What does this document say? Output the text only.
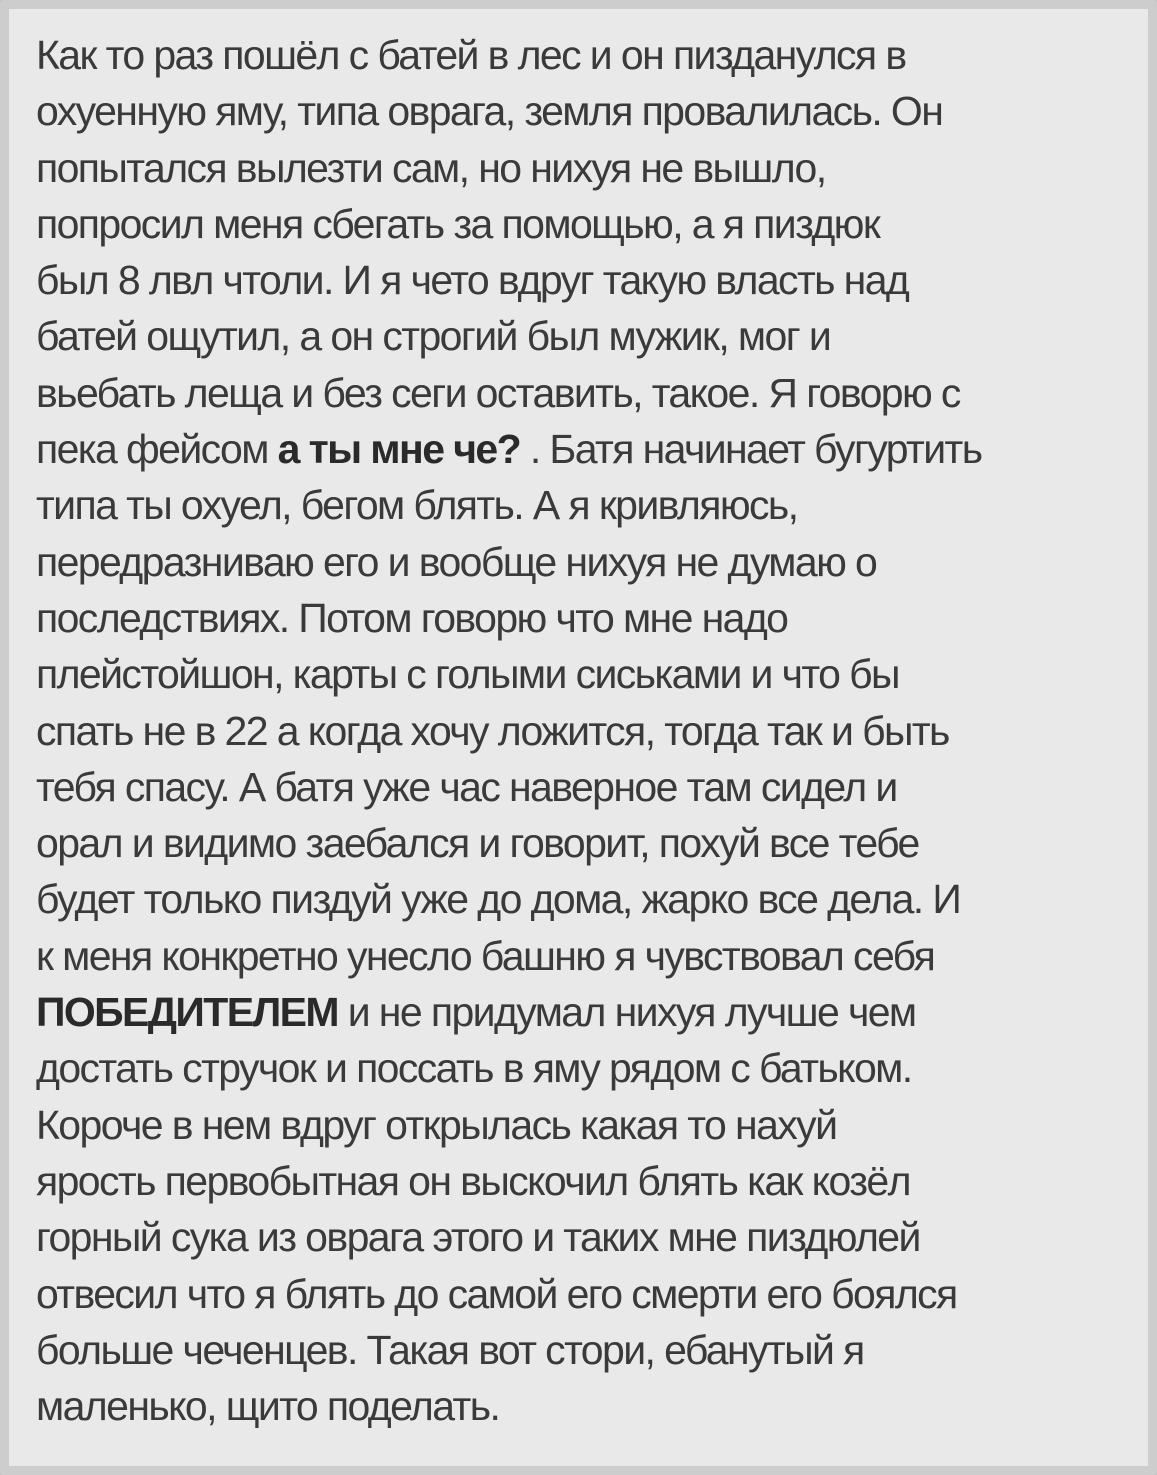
Как то раз пошёл с батей в лес и он пизданулся в
охуенную яму, типа оврага, земля провалилась. Он
попытался вылезти сам, но нихуя не вышло,
попросил меня сбегать за помощью, а я пиздюк
был 8 лвл чтоли. И я чето вдруг такую власть над
батей ощутил, а он строгий был мужик, мог и
вьебать леща и без сеги оставить, такое. Я говорю с
пека фейсом а ты мне че? . Батя начинает бугуртить
типа ты охуел, бегом блять. А я кривляюсь,
передразниваю его и вообще нихуя не думаю о
последствиях. Потом говорю что мне надо
плейстойшон, карты с голыми сиськами и что бы
спать не в 22 а когда хочу ложится, тогда так и быть
тебя спасу. А батя уже час наверное там сидел и
орал и видимо заебался и говорит, похуй все тебе
будет только пиздуй уже до дома, жарко все дела. И
к меня конкретно унесло башню я чувствовал себя
ПОБЕДИТЕЛЕМ и не придумал нихуя лучше чем
достать стручок и поссать в яму рядом с батьком.
Короче в нем вдруг открылась какая то нахуй
ярость первобытная он выскочил блять как козёл
горный сука из оврага этого и таких мне пиздюлей
отвесил что я блять до самой его смерти его боялся
больше чеченцев. Такая вот стори, ебанутый я
маленько, щито поделать.
